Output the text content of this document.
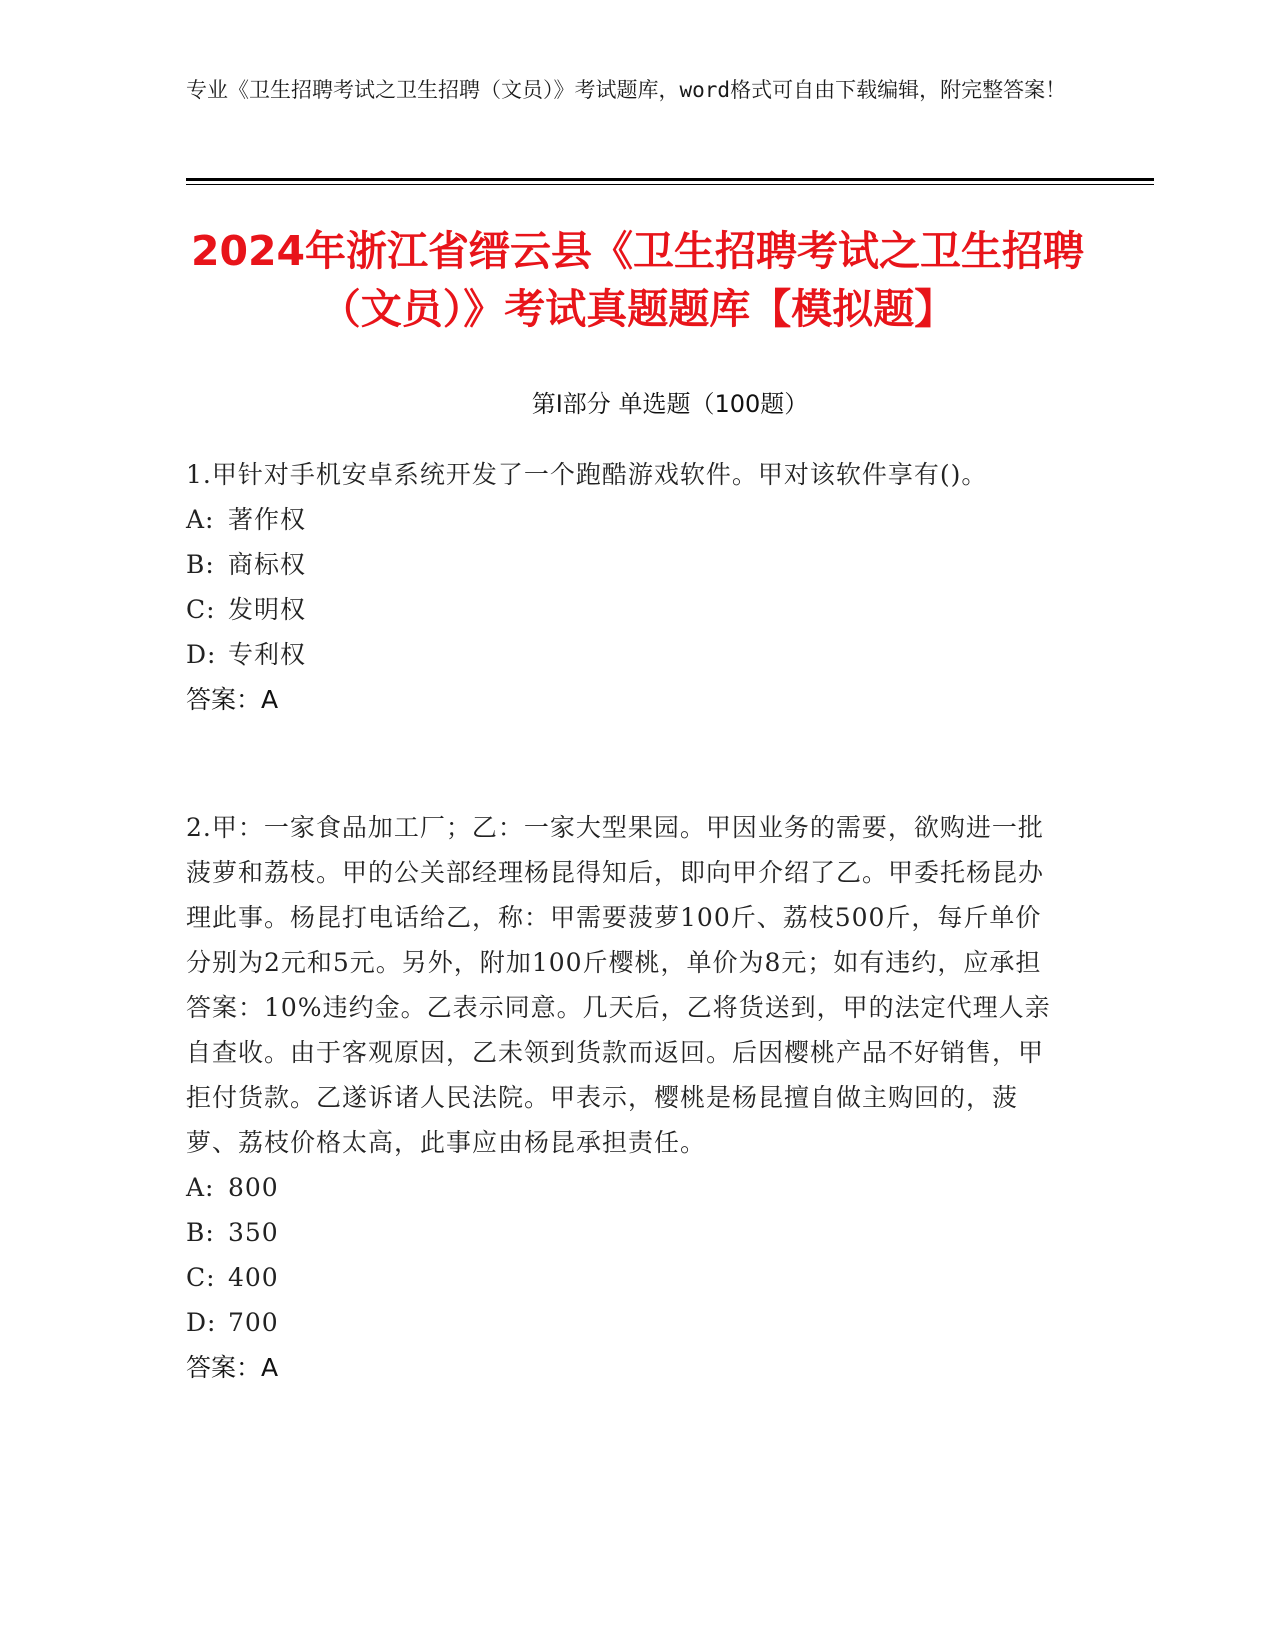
专业《卫生招聘考试之卫生招聘（文员）》考试题库，word格式可自由下载编辑，附完整答案！
2024年浙江省缙云县《卫生招聘考试之卫生招聘（文员）》考试真题题库【模拟题】
第I部分 单选题（100题）
1.甲针对手机安卓系统开发了一个跑酷游戏软件。甲对该软件享有()。
A: 著作权
B: 商标权
C: 发明权
D: 专利权
答案：A
2.甲：一家食品加工厂；乙：一家大型果园。甲因业务的需要，欲购进一批菠萝和荔枝。甲的公关部经理杨昆得知后，即向甲介绍了乙。甲委托杨昆办理此事。杨昆打电话给乙，称：甲需要菠萝100斤、荔枝500斤，每斤单价分别为2元和5元。另外，附加100斤樱桃，单价为8元；如有违约，应承担答案：10%违约金。乙表示同意。几天后，乙将货送到，甲的法定代理人亲自查收。由于客观原因，乙未领到货款而返回。后因樱桃产品不好销售，甲拒付货款。乙遂诉诸人民法院。甲表示，樱桃是杨昆擅自做主购回的，菠萝、荔枝价格太高，此事应由杨昆承担责任。
A: 800
B: 350
C: 400
D: 700
答案：A
